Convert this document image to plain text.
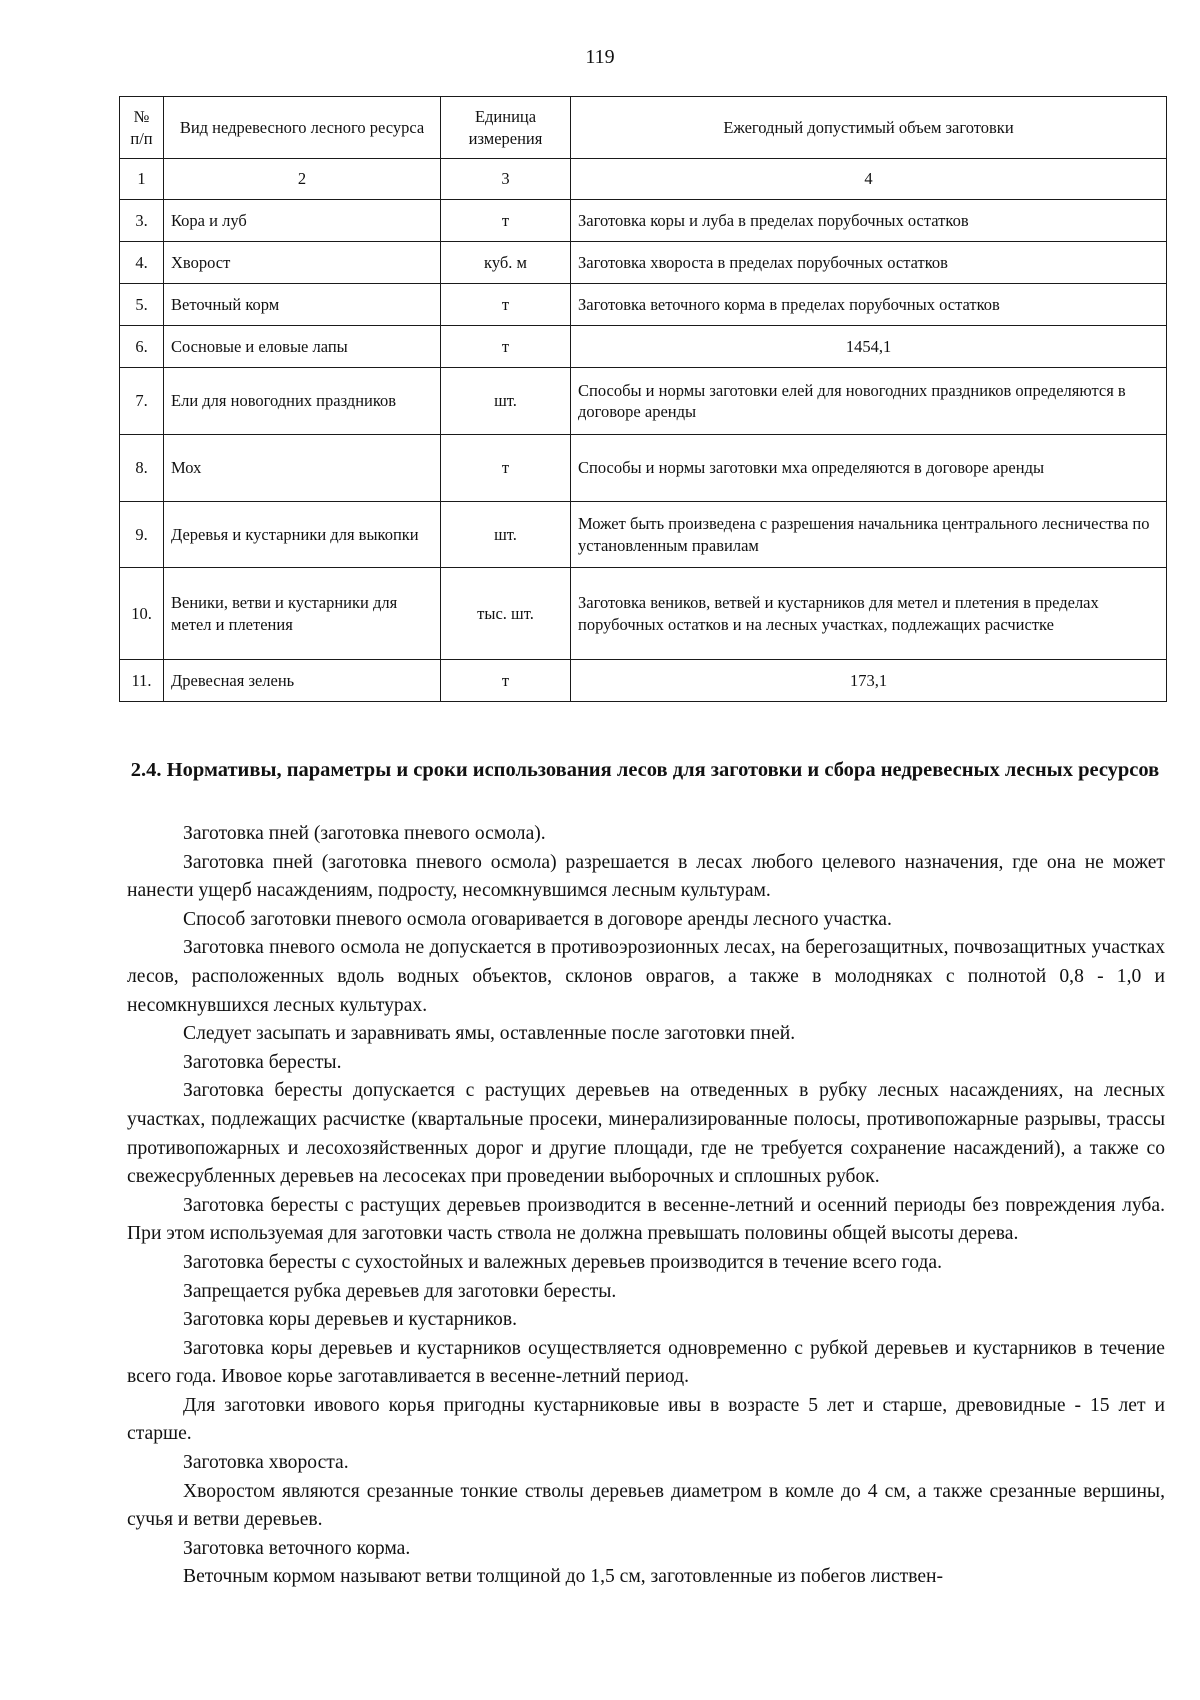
119
№ п/п	Вид недревесного лесного ресурса	Единица измерения	Ежегодный допустимый объем заготовки
1	2	3	4
3.	Кора и луб	т	Заготовка коры и луба в пределах порубочных остатков
4.	Хворост	куб. м	Заготовка хвороста в пределах порубочных остатков
5.	Веточный корм	т	Заготовка веточного корма в пределах порубочных остатков
6.	Сосновые и еловые лапы	т	1454,1
7.	Ели для новогодних праздников	шт.	Способы и нормы заготовки елей для новогодних праздников определяются в договоре аренды
8.	Мох	т	Способы и нормы заготовки мха определяются в договоре аренды
9.	Деревья и кустарники для выкопки	шт.	Может быть произведена с разрешения начальника центрального лесничества по установленным правилам
10.	Веники, ветви и кустарники для метел и плетения	тыс. шт.	Заготовка веников, ветвей и кустарников для метел и плетения в пределах порубочных остатков и на лесных участках, подлежащих расчистке
11.	Древесная зелень	т	173,1
2.4. Нормативы, параметры и сроки использования лесов для заготовки и сбора недревесных лесных ресурсов

Заготовка пней (заготовка пневого осмола).

Заготовка пней (заготовка пневого осмола) разрешается в лесах любого целевого назначения, где она не может нанести ущерб насаждениям, подросту, несомкнувшимся лесным культурам.

Способ заготовки пневого осмола оговаривается в договоре аренды лесного участка.

Заготовка пневого осмола не допускается в противоэрозионных лесах, на берегозащитных, почвозащитных участках лесов, расположенных вдоль водных объектов, склонов оврагов, а также в молодняках с полнотой 0,8 - 1,0 и несомкнувшихся лесных культурах.

Следует засыпать и заравнивать ямы, оставленные после заготовки пней.

Заготовка бересты.

Заготовка бересты допускается с растущих деревьев на отведенных в рубку лесных насаждениях, на лесных участках, подлежащих расчистке (квартальные просеки, минерализированные полосы, противопожарные разрывы, трассы противопожарных и лесохозяйственных дорог и другие площади, где не требуется сохранение насаждений), а также со свежесрубленных деревьев на лесосеках при проведении выборочных и сплошных рубок.

Заготовка бересты с растущих деревьев производится в весенне-летний и осенний периоды без повреждения луба. При этом используемая для заготовки часть ствола не должна превышать половины общей высоты дерева.

Заготовка бересты с сухостойных и валежных деревьев производится в течение всего года.

Запрещается рубка деревьев для заготовки бересты.

Заготовка коры деревьев и кустарников.

Заготовка коры деревьев и кустарников осуществляется одновременно с рубкой деревьев и кустарников в течение всего года. Ивовое корье заготавливается в весенне-летний период.

Для заготовки ивового корья пригодны кустарниковые ивы в возрасте 5 лет и старше, древовидные - 15 лет и старше.

Заготовка хвороста.

Хворостом являются срезанные тонкие стволы деревьев диаметром в комле до 4 см, а также срезанные вершины, сучья и ветви деревьев.

Заготовка веточного корма.

Веточным кормом называют ветви толщиной до 1,5 см, заготовленные из побегов листвен-
